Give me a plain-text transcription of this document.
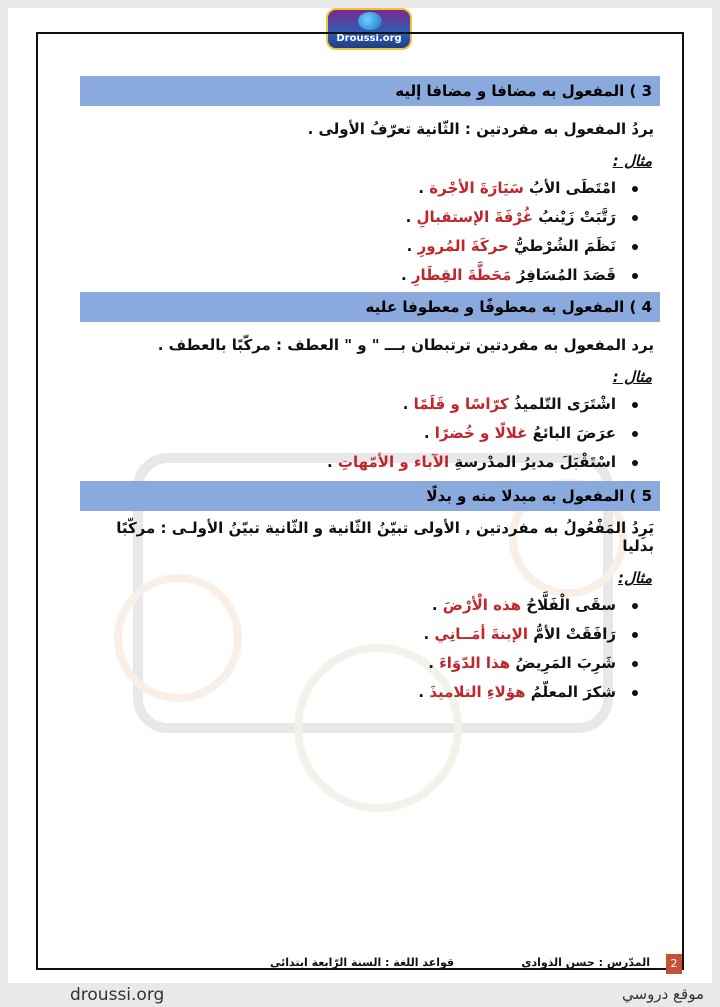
Droussi.org
3 ) المفعول به مضافا و مضافا إليه
يردُ المفعول به مفردتين : الثّانية تعرّفُ الأولى .
مثال :
امْتَطَى الأبُ سَيَارَةَ الأجْرة .
رَتَّبَتْ زَيْنبُ غُرْفَةَ الإستقبالِ .
نَظَمَ الشُرْطيُّ حركَةَ المُرورِ .
قَصَدَ المُسَافِرُ مَحَطَّةَ القِطَارِ .
4 ) المفعول به معطوفًا و معطوفا عليه
يرد المفعول به مفردتين ترتبطان بـــ " و " العطف : مركّبًا بالعطف .
مثال :
اشْتَرَى التّلميذُ كرّاسًا و قَلَمًا .
عرَضَ البائعُ غلالًا و خُضرًا .
اسْتَقْبَلَ مديرُ المدْرسةِ الآباء و الأمّهاتِ .
5 ) المفعول به مبدلا منه و بدلًا
يَرِدُ المَفْعُولُ به مفردتين , الأولى تبيّنُ الثّانية و الثّانية تبيّنُ الأولـى : مركّبًا بدليا
مثال:
سقَى الْفَلَّاحُ هذه الْأرْضَ .
رَافَقَتْ الأمُّ الإبنةَ أمَــانِي .
شَرِبَ المَرِيضُ هذا الدّوَاءَ .
شكرَ المعلّمُ هؤلاءِ التلاميذَ .
2
المدّرس : حسن الذوادي
قواعد اللغة : السنة الرّابعة ابتدائي
droussi.org	موقع دروسي
